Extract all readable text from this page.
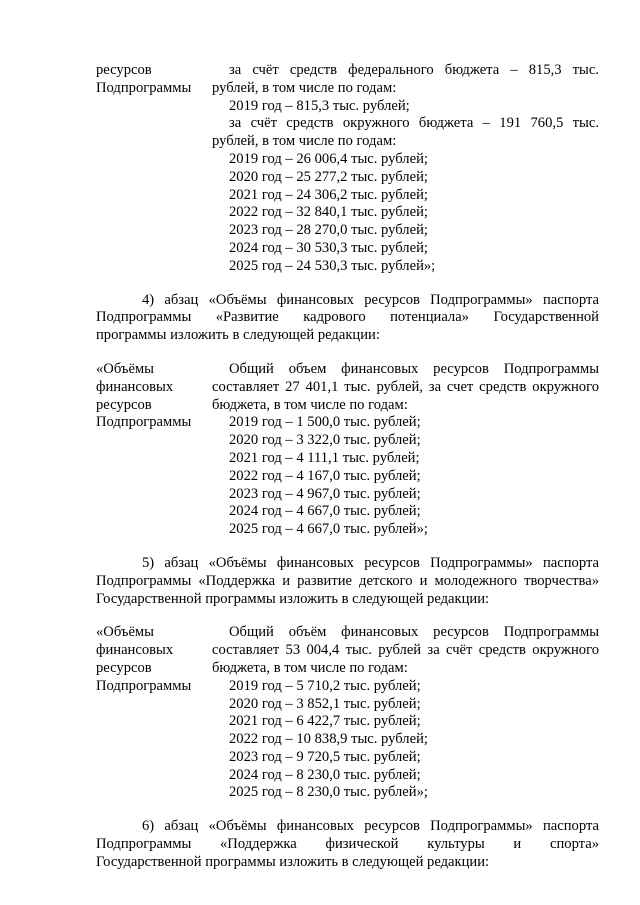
ресурсов
Подпрограммы
за счёт средств федерального бюджета – 815,3 тыс.
рублей, в том числе по годам:
2019 год – 815,3 тыс. рублей;
за счёт средств окружного бюджета – 191 760,5 тыс.
рублей, в том числе по годам:
2019 год – 26 006,4 тыс. рублей;
2020 год – 25 277,2 тыс. рублей;
2021 год – 24 306,2 тыс. рублей;
2022 год – 32 840,1 тыс. рублей;
2023 год – 28 270,0 тыс. рублей;
2024 год – 30 530,3 тыс. рублей;
2025 год – 24 530,3 тыс. рублей»;
4) абзац «Объёмы финансовых ресурсов Подпрограммы» паспорта
Подпрограммы «Развитие кадрового потенциала» Государственной
программы изложить в следующей редакции:
«Объёмы
финансовых
ресурсов
Подпрограммы
Общий объем финансовых ресурсов Подпрограммы
составляет 27 401,1 тыс. рублей, за счет средств окружного
бюджета, в том числе по годам:
2019 год – 1 500,0 тыс. рублей;
2020 год – 3 322,0 тыс. рублей;
2021 год – 4 111,1 тыс. рублей;
2022 год – 4 167,0 тыс. рублей;
2023 год – 4 967,0 тыс. рублей;
2024 год – 4 667,0 тыс. рублей;
2025 год – 4 667,0 тыс. рублей»;
5) абзац «Объёмы финансовых ресурсов Подпрограммы» паспорта
Подпрограммы «Поддержка и развитие детского и молодежного творчества»
Государственной программы изложить в следующей редакции:
«Объёмы
финансовых
ресурсов
Подпрограммы
Общий объём финансовых ресурсов Подпрограммы
составляет 53 004,4 тыс. рублей за счёт средств окружного
бюджета, в том числе по годам:
2019 год – 5 710,2 тыс. рублей;
2020 год – 3 852,1 тыс. рублей;
2021 год – 6 422,7 тыс. рублей;
2022 год – 10 838,9 тыс. рублей;
2023 год – 9 720,5 тыс. рублей;
2024 год – 8 230,0 тыс. рублей;
2025 год – 8 230,0 тыс. рублей»;
6) абзац «Объёмы финансовых ресурсов Подпрограммы» паспорта
Подпрограммы «Поддержка физической культуры и спорта»
Государственной программы изложить в следующей редакции:
